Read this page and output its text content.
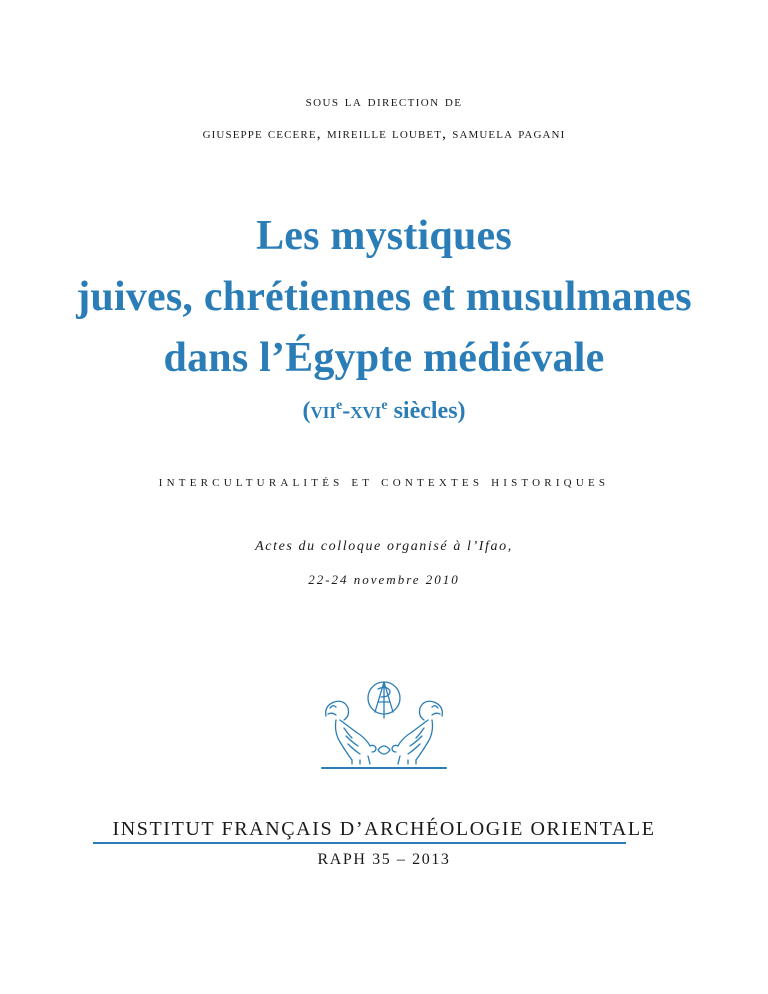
sous la direction de
giuseppe cecere, mireille loubet, samuela pagani
Les mystiques
juives, chrétiennes et musulmanes
dans l’Égypte médiévale
(vii$^e$-xvi$^e$ siècles)
interculturalités et contextes historiques
Actes du colloque organisé à l’Ifao,
22-24 novembre 2010
INSTITUT FRANÇAIS D’ARCHÉOLOGIE ORIENTALE
RAPH 35 – 2013
